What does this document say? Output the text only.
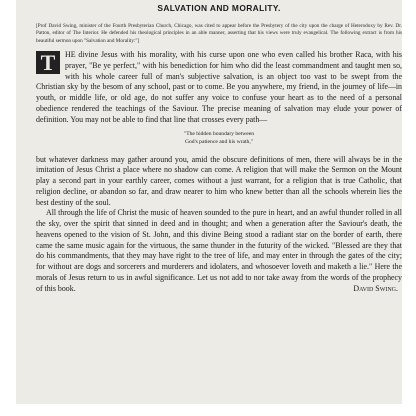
SALVATION AND MORALITY.
[Prof David Swing, minister of the Fourth Presbyterian Church, Chicago, was cited to appear before the Presbytery of the city upon the charge of Heterodoxy by Rev. Dr. Patton, editor of The Interior. He defended his theological principles in an able manner, asserting that his views were truly evangelical. The following extract is from his beautiful sermon upon "Salvation and Morality:"]
T	HE divine Jesus with his morality, with his curse upon one who even called his brother Raca, with his prayer, "Be ye perfect," with his benediction for him who did the least commandment and taught men so, with his whole career full of man's subjective salvation, is an object too vast to be swept from the Christian sky by the besom of any school, past or to come. Be you anywhere, my friend, in the journey of life—in youth, or middle life, or old age, do not suffer any voice to confuse your heart as to the need of a personal obedience rendered the teachings of the Saviour. The precise meaning of salvation may elude your power of definition. You may not be able to find that line that crosses every path—
"The hidden boundary between
God's patience and his wrath,"
but whatever darkness may gather around you, amid the obscure definitions of men, there will always be in the imitation of Jesus Christ a place where no shadow can come. A religion that will make the Sermon on the Mount play a second part in your earthly career, comes without a just warrant, for a religion that is true Catholic, that religion decline, or abandon so far, and draw nearer to him who knew better than all the schools wherein lies the best destiny of the soul.
All through the life of Christ the music of heaven sounded to the pure in heart, and an awful thunder rolled in all the sky, over the spirit that sinned in deed and in thought; and when a generation after the Saviour's death, the heavens opened to the vision of St. John, and this divine Being stood a radiant star on the border of earth, there came the same music again for the virtuous, the same thunder in the futurity of the wicked. "Blessed are they that do his commandments, that they may have right to the tree of life, and may enter in through the gates of the city; for without are dogs and sorcerers and murderers and idolaters, and whosoever loveth and maketh a lie." Here the morals of Jesus return to us in awful significance. Let us not add to nor take away from the words of the prophecy of this book.	David Swing.
